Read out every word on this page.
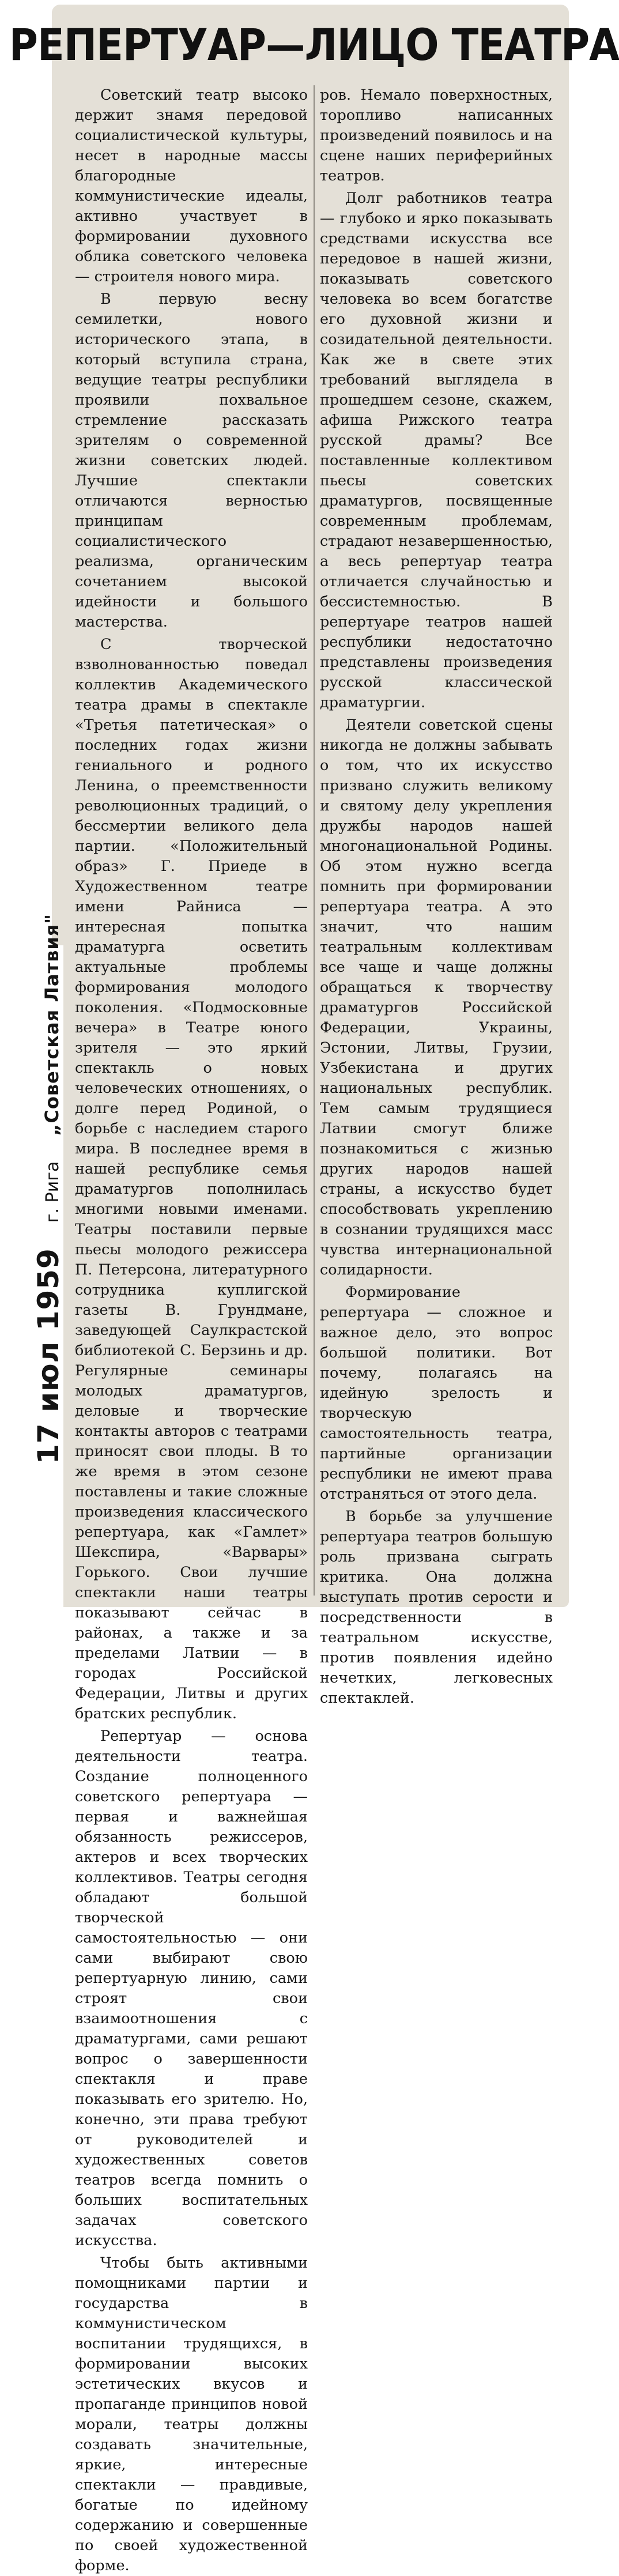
РЕПЕРТУАР—ЛИЦО ТЕАТРА

Советский театр высоко держит знамя передовой социалистической культуры, несет в народные массы благородные коммунистические идеалы, активно участвует в формировании духовного облика советского человека — строителя нового мира.

В первую весну семилетки, нового исторического этапа, в который вступила страна, ведущие театры республики проявили похвальное стремление рассказать зрителям о современной жизни советских людей. Лучшие спектакли отличаются верностью принципам социалистического реализма, органическим сочетанием высокой идейности и большого мастерства.

С творческой взволнованностью поведал коллектив Академического театра драмы в спектакле «Третья патетическая» о последних годах жизни гениального и родного Ленина, о преемственности революционных традиций, о бессмертии великого дела партии. «Положительный образ» Г. Приеде в Художественном театре имени Райниса — интересная попытка драматурга осветить актуальные проблемы формирования молодого поколения. «Подмосковные вечера» в Театре юного зрителя — это яркий спектакль о новых человеческих отношениях, о долге перед Родиной, о борьбе с наследием старого мира. В последнее время в нашей республике семья драматургов пополнилась многими новыми именами. Театры поставили первые пьесы молодого режиссера П. Петерсона, литературного сотрудника куплигской газеты В. Грундмане, заведующей Саулкрастской библиотекой С. Берзинь и др. Регулярные семинары молодых драматургов, деловые и творческие контакты авторов с театрами приносят свои плоды. В то же время в этом сезоне поставлены и такие сложные произведения классического репертуара, как «Гамлет» Шекспира, «Варвары» Горького. Свои лучшие спектакли наши театры показывают сейчас в районах, а также и за пределами Латвии — в городах Российской Федерации, Литвы и других братских республик.

Репертуар — основа деятельности театра. Создание полноценного советского репертуара — первая и важнейшая обязанность режиссеров, актеров и всех творческих коллективов. Театры сегодня обладают большой творческой самостоятельностью — они сами выбирают свою репертуарную линию, сами строят свои взаимоотношения с драматургами, сами решают вопрос о завершенности спектакля и праве показывать его зрителю. Но, конечно, эти права требуют от руководителей и художественных советов театров всегда помнить о больших воспитательных задачах советского искусства.

Чтобы быть активными помощниками партии и государства в коммунистическом воспитании трудящихся, в формировании высоких эстетических вкусов и пропаганде принципов новой морали, театры должны создавать значительные, яркие, интересные спектакли — правдивые, богатые по идейному содержанию и совершенные по своей художественной форме.

ров. Немало поверхностных, торопливо написанных произведений появилось и на сцене наших периферийных театров.

Долг работников театра — глубоко и ярко показывать средствами искусства все передовое в нашей жизни, показывать советского человека во всем богатстве его духовной жизни и созидательной деятельности. Как же в свете этих требований выглядела в прошедшем сезоне, скажем, афиша Рижского театра русской драмы? Все поставленные коллективом пьесы советских драматургов, посвященные современным проблемам, страдают незавершенностью, а весь репертуар театра отличается случайностью и бессистемностью. В репертуаре театров нашей республики недостаточно представлены произведения русской классической драматургии.

Деятели советской сцены никогда не должны забывать о том, что их искусство призвано служить великому и святому делу укрепления дружбы народов нашей многонациональной Родины. Об этом нужно всегда помнить при формировании репертуара театра. А это значит, что нашим театральным коллективам все чаще и чаще должны обращаться к творчеству драматургов Российской Федерации, Украины, Эстонии, Литвы, Грузии, Узбекистана и других национальных республик. Тем самым трудящиеся Латвии смогут ближе познакомиться с жизнью других народов нашей страны, а искусство будет способствовать укреплению в сознании трудящихся масс чувства интернациональной солидарности.

Формирование репертуара — сложное и важное дело, это вопрос большой политики. Вот почему, полагаясь на идейную зрелость и творческую самостоятельность театра, партийные организации республики не имеют права отстраняться от этого дела.

В борьбе за улучшение репертуара театров большую роль призвана сыграть критика. Она должна выступать против серости и посредственности в театральном искусстве, против появления идейно нечетких, легковесных спектаклей.

17 июл 1959
г. Рига
„Советская Латвия"
